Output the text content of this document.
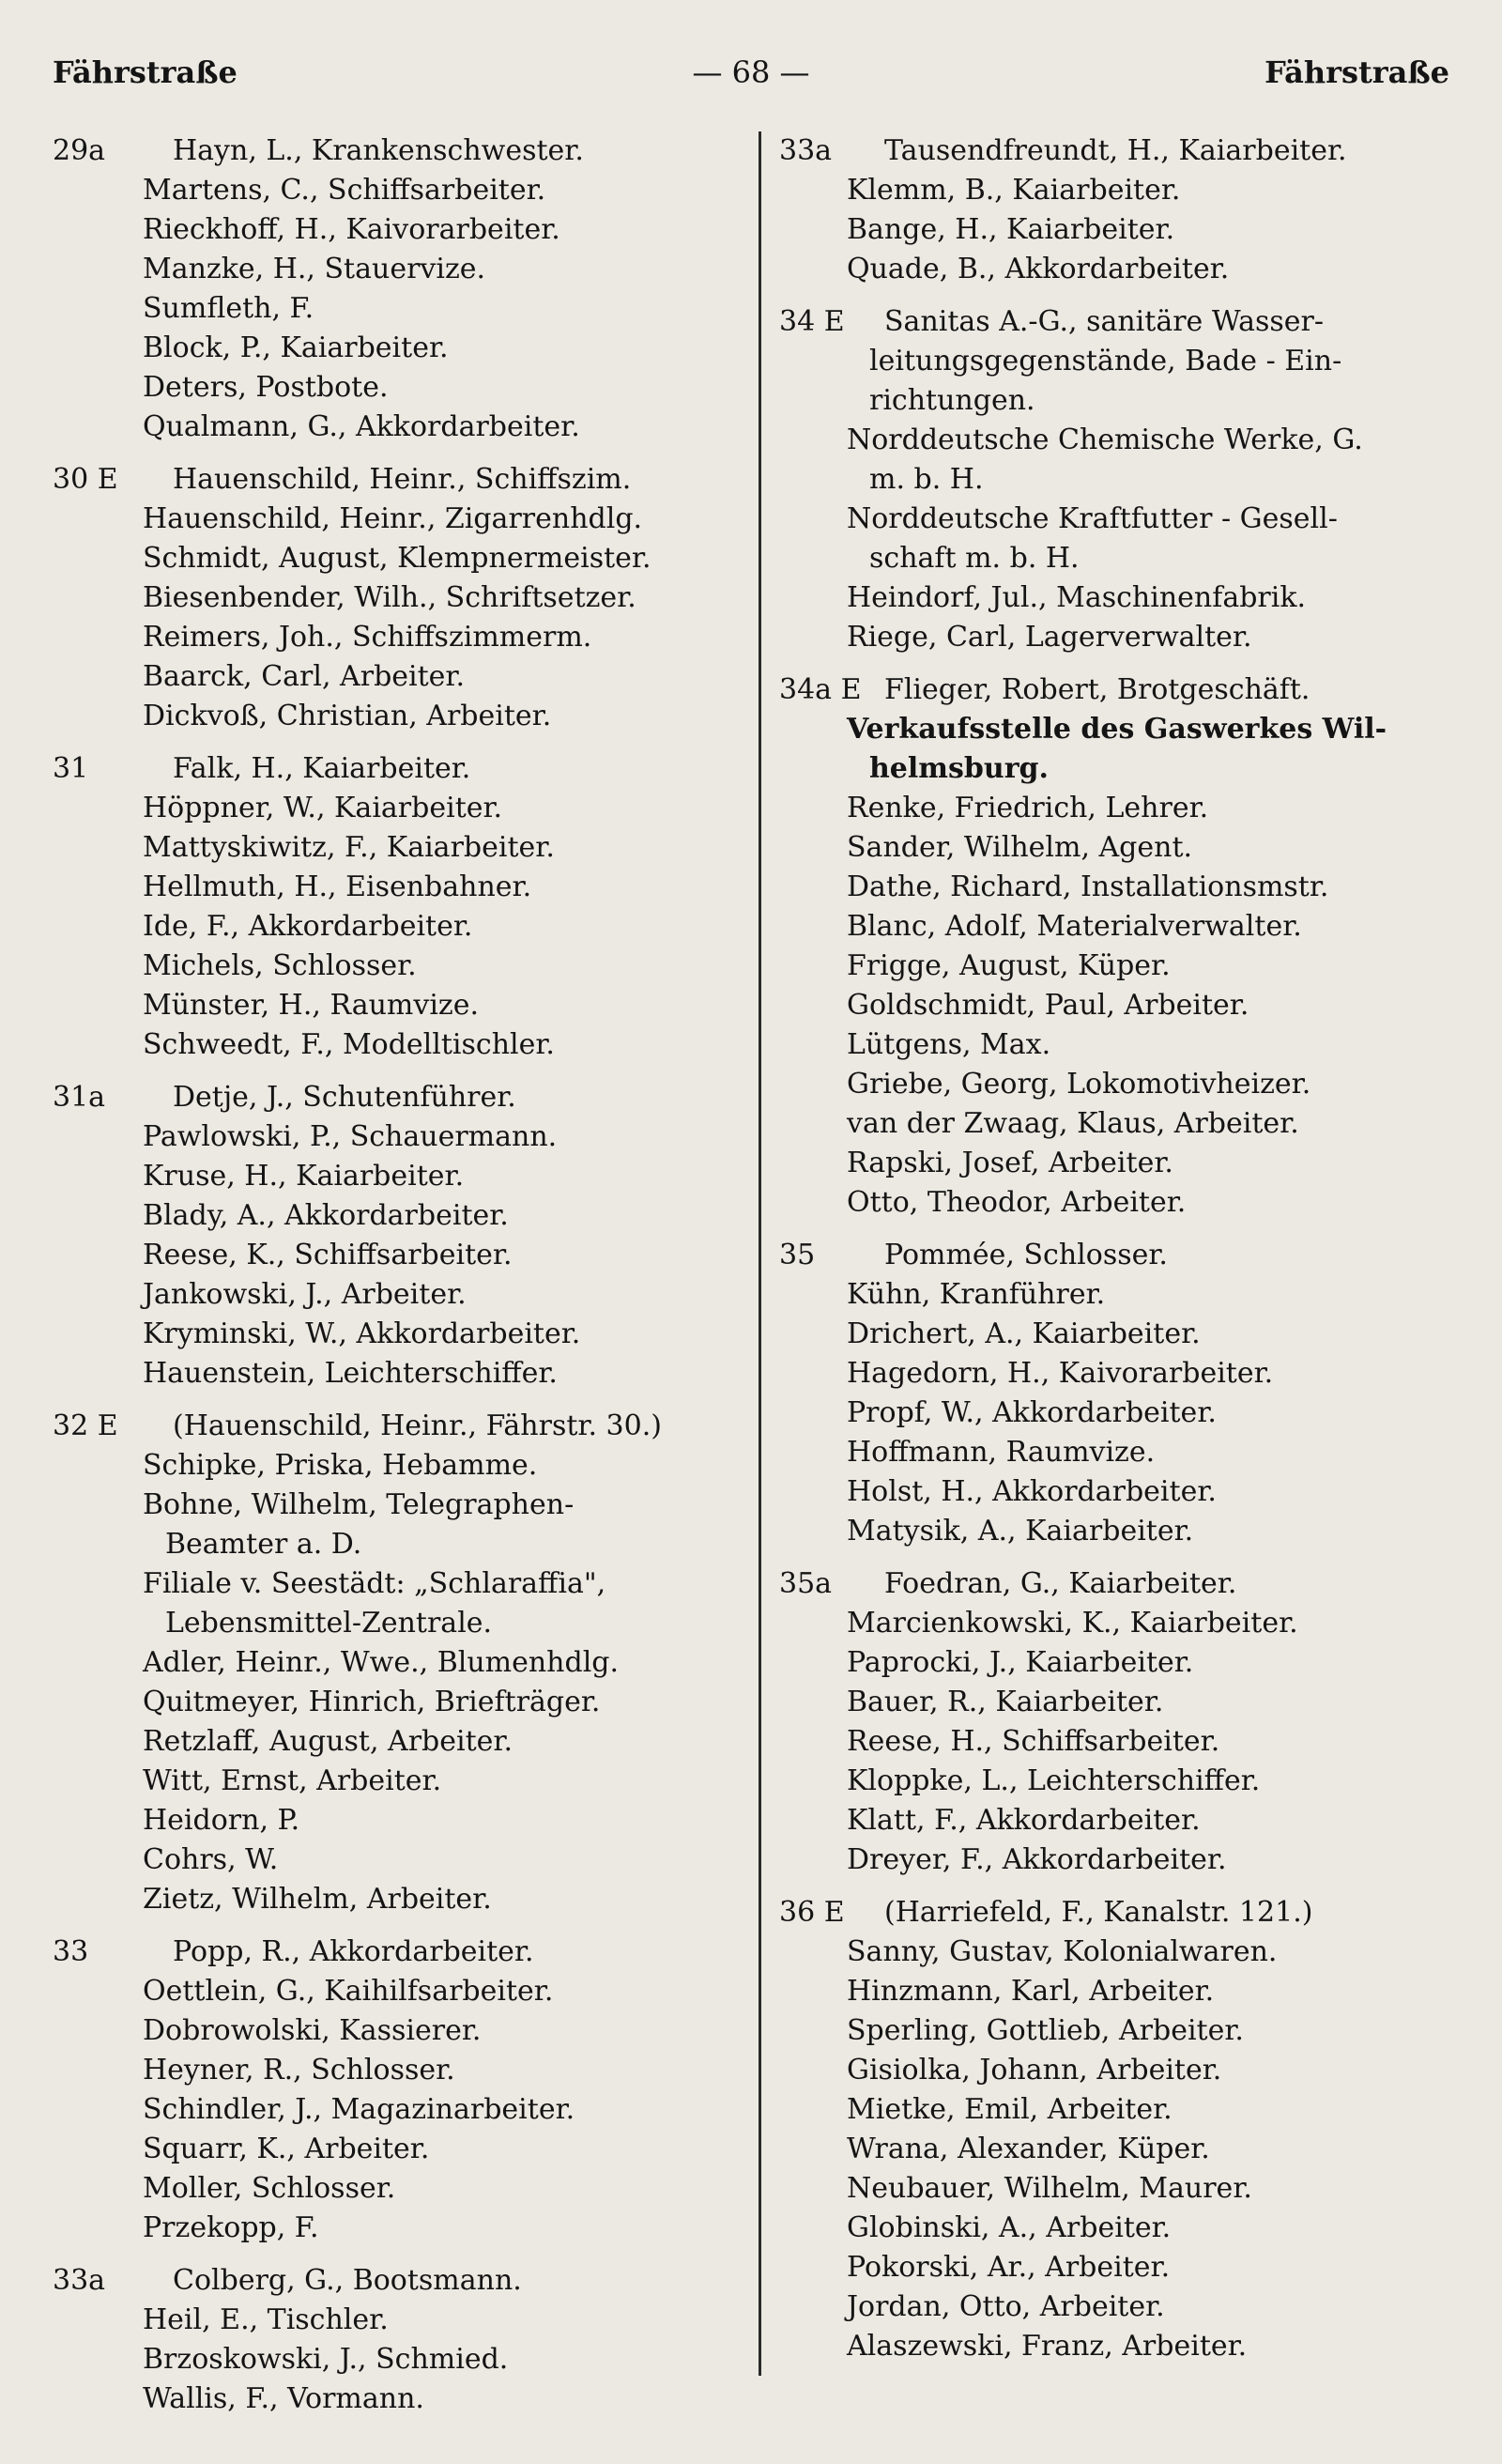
Fährstraße	— 68 —	Fährstraße
29a	Hayn, L., Krankenschwester.
Martens, C., Schiffsarbeiter.
Rieckhoff, H., Kaivorarbeiter.
Manzke, H., Stauervize.
Sumfleth, F.
Block, P., Kaiarbeiter.
Deters, Postbote.
Qualmann, G., Akkordarbeiter.
30 E	Hauenschild, Heinr., Schiffszim.
Hauenschild, Heinr., Zigarrenhdlg.
Schmidt, August, Klempnermeister.
Biesenbender, Wilh., Schriftsetzer.
Reimers, Joh., Schiffszimmerm.
Baarck, Carl, Arbeiter.
Dickvoß, Christian, Arbeiter.
31	Falk, H., Kaiarbeiter.
Höppner, W., Kaiarbeiter.
Mattyskiwitz, F., Kaiarbeiter.
Hellmuth, H., Eisenbahner.
Ide, F., Akkordarbeiter.
Michels, Schlosser.
Münster, H., Raumvize.
Schweedt, F., Modelltischler.
31a	Detje, J., Schutenführer.
Pawlowski, P., Schauermann.
Kruse, H., Kaiarbeiter.
Blady, A., Akkordarbeiter.
Reese, K., Schiffsarbeiter.
Jankowski, J., Arbeiter.
Kryminski, W., Akkordarbeiter.
Hauenstein, Leichterschiffer.
32 E	(Hauenschild, Heinr., Fährstr. 30.)
Schipke, Priska, Hebamme.
Bohne, Wilhelm, Telegraphen-
Beamter a. D.
Filiale v. Seestädt: „Schlaraffia",
Lebensmittel-Zentrale.
Adler, Heinr., Wwe., Blumenhdlg.
Quitmeyer, Hinrich, Briefträger.
Retzlaff, August, Arbeiter.
Witt, Ernst, Arbeiter.
Heidorn, P.
Cohrs, W.
Zietz, Wilhelm, Arbeiter.
33	Popp, R., Akkordarbeiter.
Oettlein, G., Kaihilfsarbeiter.
Dobrowolski, Kassierer.
Heyner, R., Schlosser.
Schindler, J., Magazinarbeiter.
Squarr, K., Arbeiter.
Moller, Schlosser.
Przekopp, F.
33a	Colberg, G., Bootsmann.
Heil, E., Tischler.
Brzoskowski, J., Schmied.
Wallis, F., Vormann.
33a	Tausendfreundt, H., Kaiarbeiter.
Klemm, B., Kaiarbeiter.
Bange, H., Kaiarbeiter.
Quade, B., Akkordarbeiter.
34 E	Sanitas A.-G., sanitäre Wasser-
leitungsgegenstände, Bade - Ein-
richtungen.
Norddeutsche Chemische Werke, G.
m. b. H.
Norddeutsche Kraftfutter - Gesell-
schaft m. b. H.
Heindorf, Jul., Maschinenfabrik.
Riege, Carl, Lagerverwalter.
34a E Flieger, Robert, Brotgeschäft.
Verkaufsstelle des Gaswerkes Wil-
helmsburg.
Renke, Friedrich, Lehrer.
Sander, Wilhelm, Agent.
Dathe, Richard, Installationsmstr.
Blanc, Adolf, Materialverwalter.
Frigge, August, Küper.
Goldschmidt, Paul, Arbeiter.
Lütgens, Max.
Griebe, Georg, Lokomotivheizer.
van der Zwaag, Klaus, Arbeiter.
Rapski, Josef, Arbeiter.
Otto, Theodor, Arbeiter.
35	Pommée, Schlosser.
Kühn, Kranführer.
Drichert, A., Kaiarbeiter.
Hagedorn, H., Kaivorarbeiter.
Propf, W., Akkordarbeiter.
Hoffmann, Raumvize.
Holst, H., Akkordarbeiter.
Matysik, A., Kaiarbeiter.
35a	Foedran, G., Kaiarbeiter.
Marcienkowski, K., Kaiarbeiter.
Paprocki, J., Kaiarbeiter.
Bauer, R., Kaiarbeiter.
Reese, H., Schiffsarbeiter.
Kloppke, L., Leichterschiffer.
Klatt, F., Akkordarbeiter.
Dreyer, F., Akkordarbeiter.
36 E	(Harriefeld, F., Kanalstr. 121.)
Sanny, Gustav, Kolonialwaren.
Hinzmann, Karl, Arbeiter.
Sperling, Gottlieb, Arbeiter.
Gisiolka, Johann, Arbeiter.
Mietke, Emil, Arbeiter.
Wrana, Alexander, Küper.
Neubauer, Wilhelm, Maurer.
Globinski, A., Arbeiter.
Pokorski, Ar., Arbeiter.
Jordan, Otto, Arbeiter.
Alaszewski, Franz, Arbeiter.
